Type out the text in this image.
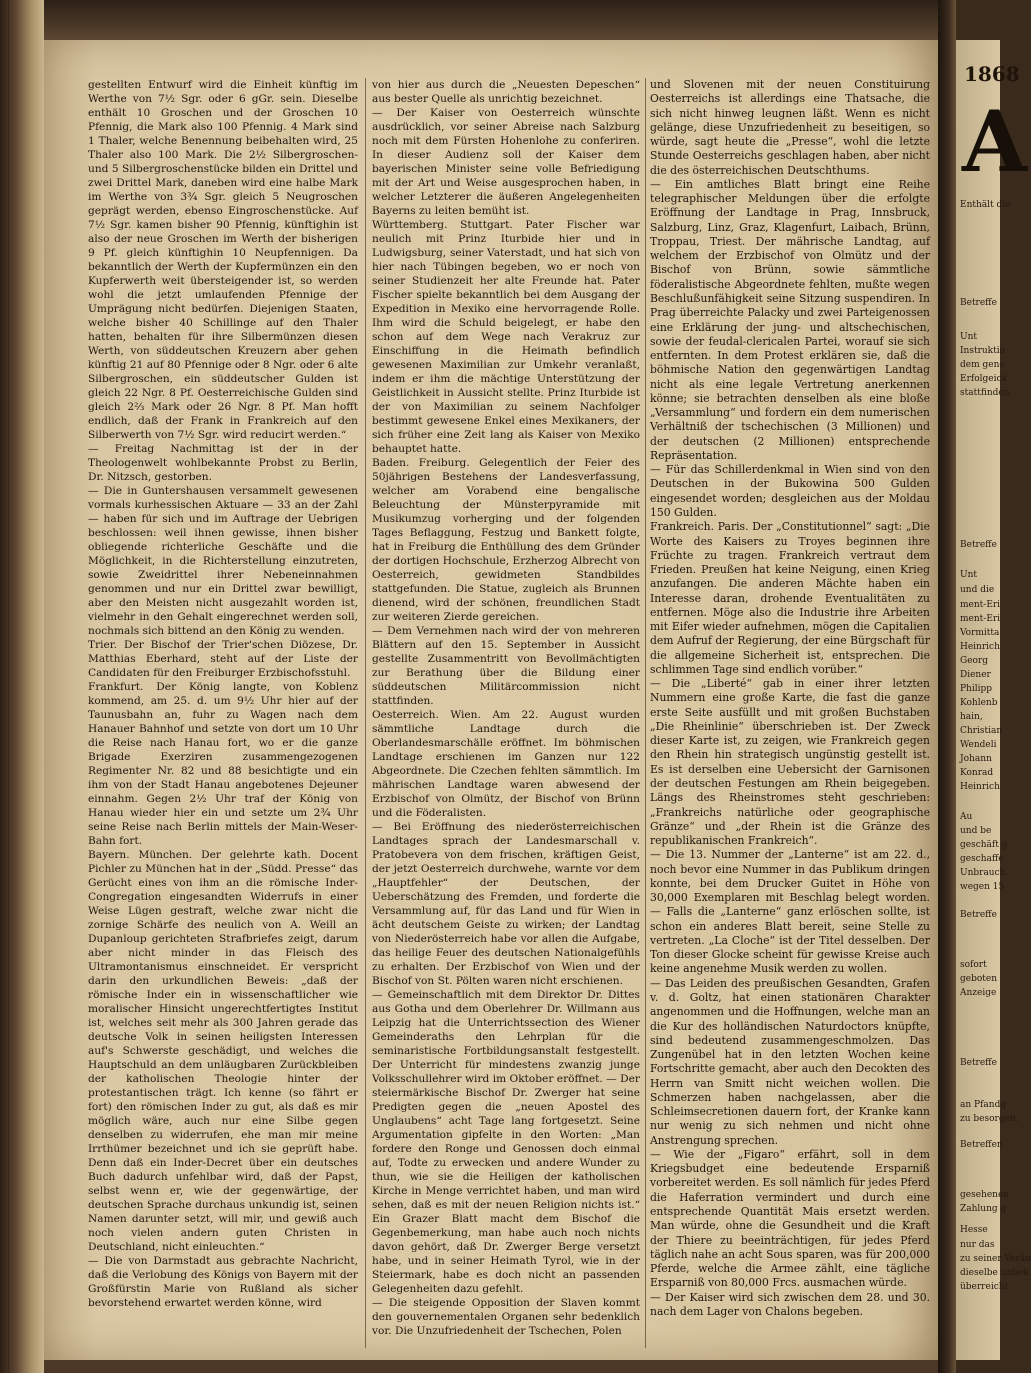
1868
A
Enthält die
Betreffe
Unt
Instruktio
dem gene
Erfolgeick
stattfinden
Betreffe
Unt
und die
ment-Eri
ment-Eri
Vormitta
Heinrich
Georg
Diener
Philipp
Kohlenb
hain,
Christian
Wendeli
Johann
Konrad
Heinrich
Au
und be
geschäft g
geschaffe
Unbrauch
wegen 15
Betreffe
sofort
geboten
Anzeige
Betreffe
an Pfandg
zu besorgen.
Betreffen
gesehenen
Zahlung g
Hesse
nur das
zu seiner Veräu
dieselbe unbek
überreicht

gestellten Entwurf wird die Einheit künftig im Werthe von 7½ Sgr. oder 6 gGr. sein. Dieselbe enthält 10 Groschen und der Groschen 10 Pfennig, die Mark also 100 Pfennig. 4 Mark sind 1 Thaler, welche Benennung beibehalten wird, 25 Thaler also 100 Mark. Die 2½ Silbergroschen- und 5 Silbergroschenstücke bilden ein Drittel und zwei Drittel Mark, daneben wird eine halbe Mark im Werthe von 3¾ Sgr. gleich 5 Neugroschen geprägt werden, ebenso Eingroschenstücke. Auf 7½ Sgr. kamen bisher 90 Pfennig, künftighin ist also der neue Groschen im Werth der bisherigen 9 Pf. gleich künftighin 10 Neupfennigen. Da bekanntlich der Werth der Kupfermünzen ein den Kupferwerth weit übersteigender ist, so werden wohl die jetzt umlaufenden Pfennige der Umprägung nicht bedürfen. Diejenigen Staaten, welche bisher 40 Schillinge auf den Thaler hatten, behalten für ihre Silbermünzen diesen Werth, von süddeutschen Kreuzern aber gehen künftig 21 auf 80 Pfennige oder 8 Ngr. oder 6 alte Silbergroschen, ein süddeutscher Gulden ist gleich 22 Ngr. 8 Pf. Oesterreichische Gulden sind gleich 2⅔ Mark oder 26 Ngr. 8 Pf. Man hofft endlich, daß der Frank in Frankreich auf den Silberwerth von 7½ Sgr. wird reducirt werden.“

— Freitag Nachmittag ist der in der Theologenwelt wohlbekannte Probst zu Berlin, Dr. Nitzsch, gestorben.

— Die in Guntershausen versammelt gewesenen vormals kurhessischen Aktuare — 33 an der Zahl — haben für sich und im Auftrage der Uebrigen beschlossen: weil ihnen gewisse, ihnen bisher obliegende richterliche Geschäfte und die Möglichkeit, in die Richterstellung einzutreten, sowie Zweidrittel ihrer Nebeneinnahmen genommen und nur ein Drittel zwar bewilligt, aber den Meisten nicht ausgezahlt worden ist, vielmehr in den Gehalt eingerechnet werden soll, nochmals sich bittend an den König zu wenden.

Trier. Der Bischof der Trier'schen Diözese, Dr. Matthias Eberhard, steht auf der Liste der Candidaten für den Freiburger Erzbischofsstuhl.

Frankfurt. Der König langte, von Koblenz kommend, am 25. d. um 9½ Uhr hier auf der Taunusbahn an, fuhr zu Wagen nach dem Hanauer Bahnhof und setzte von dort um 10 Uhr die Reise nach Hanau fort, wo er die ganze Brigade Exerziren zusammengezogenen Regimenter Nr. 82 und 88 besichtigte und ein ihm von der Stadt Hanau angebotenes Dejeuner einnahm. Gegen 2½ Uhr traf der König von Hanau wieder hier ein und setzte um 2¾ Uhr seine Reise nach Berlin mittels der Main-Weser-Bahn fort.

Bayern. München. Der gelehrte kath. Docent Pichler zu München hat in der „Südd. Presse“ das Gerücht eines von ihm an die römische Inder-Congregation eingesandten Widerrufs in einer Weise Lügen gestraft, welche zwar nicht die zornige Schärfe des neulich von A. Weill an Dupanloup gerichteten Strafbriefes zeigt, darum aber nicht minder in das Fleisch des Ultramontanismus einschneidet. Er verspricht darin den urkundlichen Beweis: „daß der römische Inder ein in wissenschaftlicher wie moralischer Hinsicht ungerechtfertigtes Institut ist, welches seit mehr als 300 Jahren gerade das deutsche Volk in seinen heiligsten Interessen auf's Schwerste geschädigt, und welches die Hauptschuld an dem unläugbaren Zurückbleiben der katholischen Theologie hinter der protestantischen trägt. Ich kenne (so fährt er fort) den römischen Inder zu gut, als daß es mir möglich wäre, auch nur eine Silbe gegen denselben zu widerrufen, ehe man mir meine Irrthümer bezeichnet und ich sie geprüft habe. Denn daß ein Inder-Decret über ein deutsches Buch dadurch unfehlbar wird, daß der Papst, selbst wenn er, wie der gegenwärtige, der deutschen Sprache durchaus unkundig ist, seinen Namen darunter setzt, will mir, und gewiß auch noch vielen andern guten Christen in Deutschland, nicht einleuchten.“

— Die von Darmstadt aus gebrachte Nachricht, daß die Verlobung des Königs von Bayern mit der Großfürstin Marie von Rußland als sicher bevorstehend erwartet werden könne, wird

von hier aus durch die „Neuesten Depeschen“ aus bester Quelle als unrichtig bezeichnet.

— Der Kaiser von Oesterreich wünschte ausdrücklich, vor seiner Abreise nach Salzburg noch mit dem Fürsten Hohenlohe zu conferiren. In dieser Audienz soll der Kaiser dem bayerischen Minister seine volle Befriedigung mit der Art und Weise ausgesprochen haben, in welcher Letzterer die äußeren Angelegenheiten Bayerns zu leiten bemüht ist.

Württemberg. Stuttgart. Pater Fischer war neulich mit Prinz Iturbide hier und in Ludwigsburg, seiner Vaterstadt, und hat sich von hier nach Tübingen begeben, wo er noch von seiner Studienzeit her alte Freunde hat. Pater Fischer spielte bekanntlich bei dem Ausgang der Expedition in Mexiko eine hervorragende Rolle. Ihm wird die Schuld beigelegt, er habe den schon auf dem Wege nach Verakruz zur Einschiffung in die Heimath befindlich gewesenen Maximilian zur Umkehr veranlaßt, indem er ihm die mächtige Unterstützung der Geistlichkeit in Aussicht stellte. Prinz Iturbide ist der von Maximilian zu seinem Nachfolger bestimmt gewesene Enkel eines Mexikaners, der sich früher eine Zeit lang als Kaiser von Mexiko behauptet hatte.

Baden. Freiburg. Gelegentlich der Feier des 50jährigen Bestehens der Landesverfassung, welcher am Vorabend eine bengalische Beleuchtung der Münsterpyramide mit Musikumzug vorherging und der folgenden Tages Beflaggung, Festzug und Bankett folgte, hat in Freiburg die Enthüllung des dem Gründer der dortigen Hochschule, Erzherzog Albrecht von Oesterreich, gewidmeten Standbildes stattgefunden. Die Statue, zugleich als Brunnen dienend, wird der schönen, freundlichen Stadt zur weiteren Zierde gereichen.

— Dem Vernehmen nach wird der von mehreren Blättern auf den 15. September in Aussicht gestellte Zusammentritt von Bevollmächtigten zur Berathung über die Bildung einer süddeutschen Militärcommission nicht stattfinden.

Oesterreich. Wien. Am 22. August wurden sämmtliche Landtage durch die Oberlandesmarschälle eröffnet. Im böhmischen Landtage erschienen im Ganzen nur 122 Abgeordnete. Die Czechen fehlten sämmtlich. Im mährischen Landtage waren abwesend der Erzbischof von Olmütz, der Bischof von Brünn und die Föderalisten.

— Bei Eröffnung des niederösterreichischen Landtages sprach der Landesmarschall v. Pratobevera von dem frischen, kräftigen Geist, der jetzt Oesterreich durchwehe, warnte vor dem „Hauptfehler“ der Deutschen, der Ueberschätzung des Fremden, und forderte die Versammlung auf, für das Land und für Wien in ächt deutschem Geiste zu wirken; der Landtag von Niederösterreich habe vor allen die Aufgabe, das heilige Feuer des deutschen Nationalgefühls zu erhalten. Der Erzbischof von Wien und der Bischof von St. Pölten waren nicht erschienen.

— Gemeinschaftlich mit dem Direktor Dr. Dittes aus Gotha und dem Oberlehrer Dr. Willmann aus Leipzig hat die Unterrichtssection des Wiener Gemeinderaths den Lehrplan für die seminaristische Fortbildungsanstalt festgestellt. Der Unterricht für mindestens zwanzig junge Volksschullehrer wird im Oktober eröffnet. — Der steiermärkische Bischof Dr. Zwerger hat seine Predigten gegen die „neuen Apostel des Unglaubens“ acht Tage lang fortgesetzt. Seine Argumentation gipfelte in den Worten: „Man fordere den Ronge und Genossen doch einmal auf, Todte zu erwecken und andere Wunder zu thun, wie sie die Heiligen der katholischen Kirche in Menge verrichtet haben, und man wird sehen, daß es mit der neuen Religion nichts ist.“ Ein Grazer Blatt macht dem Bischof die Gegenbemerkung, man habe auch noch nichts davon gehört, daß Dr. Zwerger Berge versetzt habe, und in seiner Heimath Tyrol, wie in der Steiermark, habe es doch nicht an passenden Gelegenheiten dazu gefehlt.

— Die steigende Opposition der Slaven kommt den gouvernementalen Organen sehr bedenklich vor. Die Unzufriedenheit der Tschechen, Polen

und Slovenen mit der neuen Constituirung Oesterreichs ist allerdings eine Thatsache, die sich nicht hinweg leugnen läßt. Wenn es nicht gelänge, diese Unzufriedenheit zu beseitigen, so würde, sagt heute die „Presse“, wohl die letzte Stunde Oesterreichs geschlagen haben, aber nicht die des österreichischen Deutschthums.

— Ein amtliches Blatt bringt eine Reihe telegraphischer Meldungen über die erfolgte Eröffnung der Landtage in Prag, Innsbruck, Salzburg, Linz, Graz, Klagenfurt, Laibach, Brünn, Troppau, Triest. Der mährische Landtag, auf welchem der Erzbischof von Olmütz und der Bischof von Brünn, sowie sämmtliche föderalistische Abgeordnete fehlten, mußte wegen Beschlußunfähigkeit seine Sitzung suspendiren. In Prag überreichte Palacky und zwei Parteigenossen eine Erklärung der jung- und altschechischen, sowie der feudal-clericalen Partei, worauf sie sich entfernten. In dem Protest erklären sie, daß die böhmische Nation den gegenwärtigen Landtag nicht als eine legale Vertretung anerkennen könne; sie betrachten denselben als eine bloße „Versammlung“ und fordern ein dem numerischen Verhältniß der tschechischen (3 Millionen) und der deutschen (2 Millionen) entsprechende Repräsentation.

— Für das Schillerdenkmal in Wien sind von den Deutschen in der Bukowina 500 Gulden eingesendet worden; desgleichen aus der Moldau 150 Gulden.

Frankreich. Paris. Der „Constitutionnel“ sagt: „Die Worte des Kaisers zu Troyes beginnen ihre Früchte zu tragen. Frankreich vertraut dem Frieden. Preußen hat keine Neigung, einen Krieg anzufangen. Die anderen Mächte haben ein Interesse daran, drohende Eventualitäten zu entfernen. Möge also die Industrie ihre Arbeiten mit Eifer wieder aufnehmen, mögen die Capitalien dem Aufruf der Regierung, der eine Bürgschaft für die allgemeine Sicherheit ist, entsprechen. Die schlimmen Tage sind endlich vorüber.“

— Die „Liberté“ gab in einer ihrer letzten Nummern eine große Karte, die fast die ganze erste Seite ausfüllt und mit großen Buchstaben „Die Rheinlinie“ überschrieben ist. Der Zweck dieser Karte ist, zu zeigen, wie Frankreich gegen den Rhein hin strategisch ungünstig gestellt ist. Es ist derselben eine Uebersicht der Garnisonen der deutschen Festungen am Rhein beigegeben. Längs des Rheinstromes steht geschrieben: „Frankreichs natürliche oder geographische Gränze“ und „der Rhein ist die Gränze des republikanischen Frankreich“.

— Die 13. Nummer der „Lanterne“ ist am 22. d., noch bevor eine Nummer in das Publikum dringen konnte, bei dem Drucker Guitet in Höhe von 30,000 Exemplaren mit Beschlag belegt worden. — Falls die „Lanterne“ ganz erlöschen sollte, ist schon ein anderes Blatt bereit, seine Stelle zu vertreten. „La Cloche“ ist der Titel desselben. Der Ton dieser Glocke scheint für gewisse Kreise auch keine angenehme Musik werden zu wollen.

— Das Leiden des preußischen Gesandten, Grafen v. d. Goltz, hat einen stationären Charakter angenommen und die Hoffnungen, welche man an die Kur des holländischen Naturdoctors knüpfte, sind bedeutend zusammengeschmolzen. Das Zungenübel hat in den letzten Wochen keine Fortschritte gemacht, aber auch den Decokten des Herrn van Smitt nicht weichen wollen. Die Schmerzen haben nachgelassen, aber die Schleimsecretionen dauern fort, der Kranke kann nur wenig zu sich nehmen und nicht ohne Anstrengung sprechen.

— Wie der „Figaro“ erfährt, soll in dem Kriegsbudget eine bedeutende Ersparniß vorbereitet werden. Es soll nämlich für jedes Pferd die Haferration vermindert und durch eine entsprechende Quantität Mais ersetzt werden. Man würde, ohne die Gesundheit und die Kraft der Thiere zu beeinträchtigen, für jedes Pferd täglich nahe an acht Sous sparen, was für 200,000 Pferde, welche die Armee zählt, eine tägliche Ersparniß von 80,000 Frcs. ausmachen würde.

— Der Kaiser wird sich zwischen dem 28. und 30. nach dem Lager von Chalons begeben.
